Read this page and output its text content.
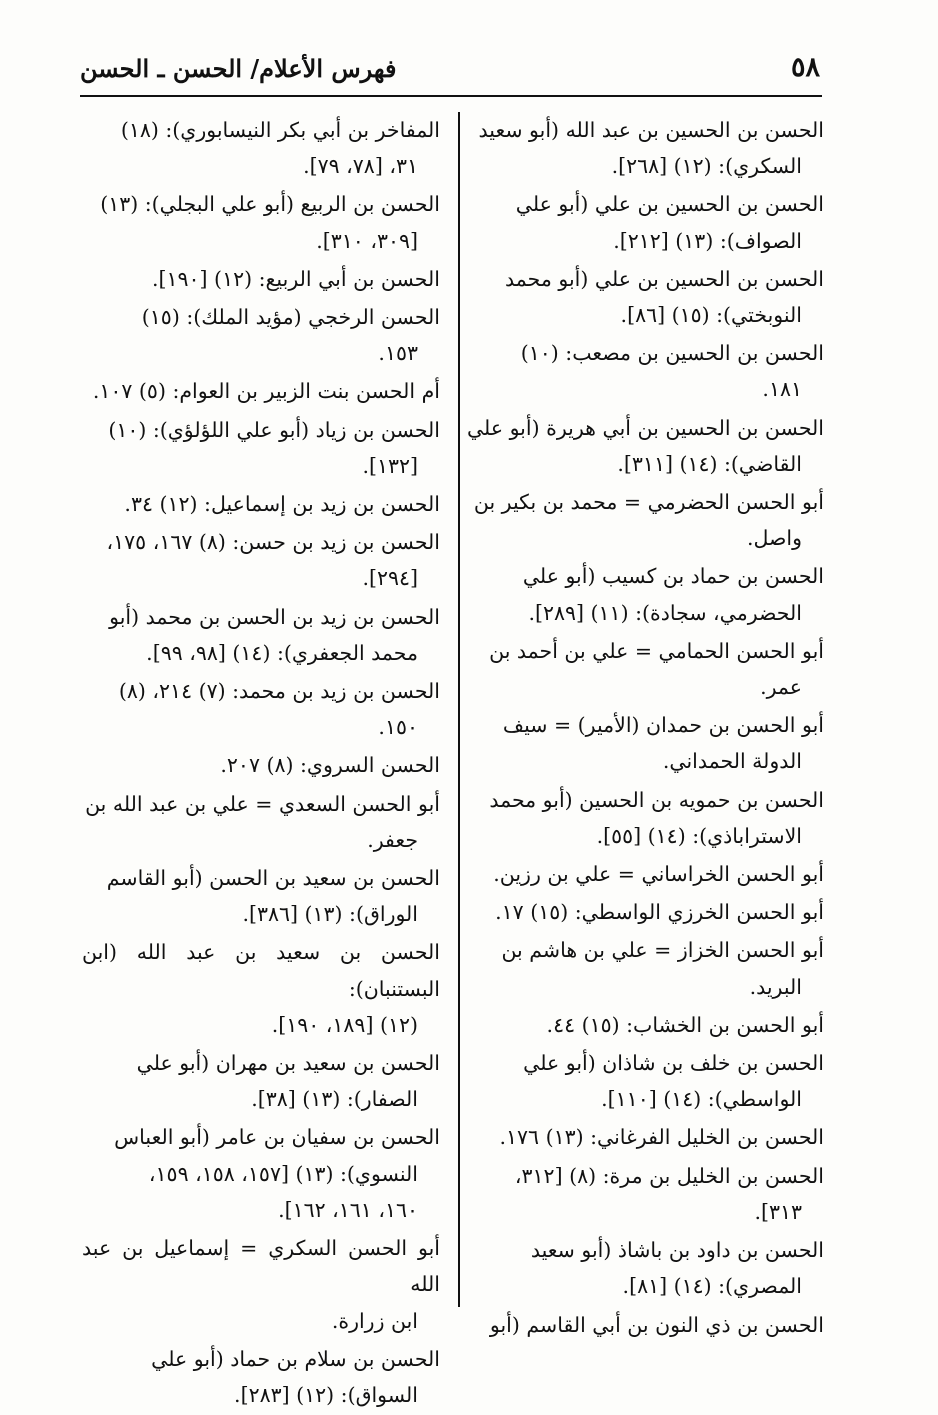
٥٨
فهرس الأعلام/ الحسن ـ الحسن
الحسن بن الحسين بن عبد الله (أبو سعيد
السكري): (١٢) [٢٦٨].
الحسن بن الحسين بن علي (أبو علي
الصواف): (١٣) [٢١٢].
الحسن بن الحسين بن علي (أبو محمد
النوبختي): (١٥) [٨٦].
الحسن بن الحسين بن مصعب: (١٠)
١٨١.
الحسن بن الحسين بن أبي هريرة (أبو علي
القاضي): (١٤) [٣١١].
أبو الحسن الحضرمي = محمد بن بكير بن
واصل.
الحسن بن حماد بن كسيب (أبو علي
الحضرمي، سجادة): (١١) [٢٨٩].
أبو الحسن الحمامي = علي بن أحمد بن
عمر.
أبو الحسن بن حمدان (الأمير) = سيف
الدولة الحمداني.
الحسن بن حمويه بن الحسين (أبو محمد
الاستراباذي): (١٤) [٥٥].
أبو الحسن الخراساني = علي بن رزين.
أبو الحسن الخرزي الواسطي: (١٥) ١٧.
أبو الحسن الخزاز = علي بن هاشم بن
البريد.
أبو الحسن بن الخشاب: (١٥) ٤٤.
الحسن بن خلف بن شاذان (أبو علي
الواسطي): (١٤) [١١٠].
الحسن بن الخليل الفرغاني: (١٣) ١٧٦.
الحسن بن الخليل بن مرة: (٨) [٣١٢،
٣١٣].
الحسن بن داود بن باشاذ (أبو سعيد
المصري): (١٤) [٨١].
الحسن بن ذي النون بن أبي القاسم (أبو
المفاخر بن أبي بكر النيسابوري): (١٨)
٣١، [٧٨، ٧٩].
الحسن بن الربيع (أبو علي البجلي): (١٣)
[٣٠٩، ٣١٠].
الحسن بن أبي الربيع: (١٢) [١٩٠].
الحسن الرخجي (مؤيد الملك): (١٥)
١٥٣.
أم الحسن بنت الزبير بن العوام: (٥) ١٠٧.
الحسن بن زياد (أبو علي اللؤلؤي): (١٠)
[١٣٢].
الحسن بن زيد بن إسماعيل: (١٢) ٣٤.
الحسن بن زيد بن حسن: (٨) ١٦٧، ١٧٥،
[٢٩٤].
الحسن بن زيد بن الحسن بن محمد (أبو
محمد الجعفري): (١٤) [٩٨، ٩٩].
الحسن بن زيد بن محمد: (٧) ٢١٤، (٨)
١٥٠.
الحسن السروي: (٨) ٢٠٧.
أبو الحسن السعدي = علي بن عبد الله بن
جعفر.
الحسن بن سعيد بن الحسن (أبو القاسم
الوراق): (١٣) [٣٨٦].
الحسن بن سعيد بن عبد الله (ابن البستنبان):
(١٢) [١٨٩، ١٩٠].
الحسن بن سعيد بن مهران (أبو علي
الصفار): (١٣) [٣٨].
الحسن بن سفيان بن عامر (أبو العباس
النسوي): (١٣) [١٥٧، ١٥٨، ١٥٩،
١٦٠، ١٦١، ١٦٢].
أبو الحسن السكري = إسماعيل بن عبد الله
ابن زرارة.
الحسن بن سلام بن حماد (أبو علي
السواق): (١٢) [٢٨٣].
